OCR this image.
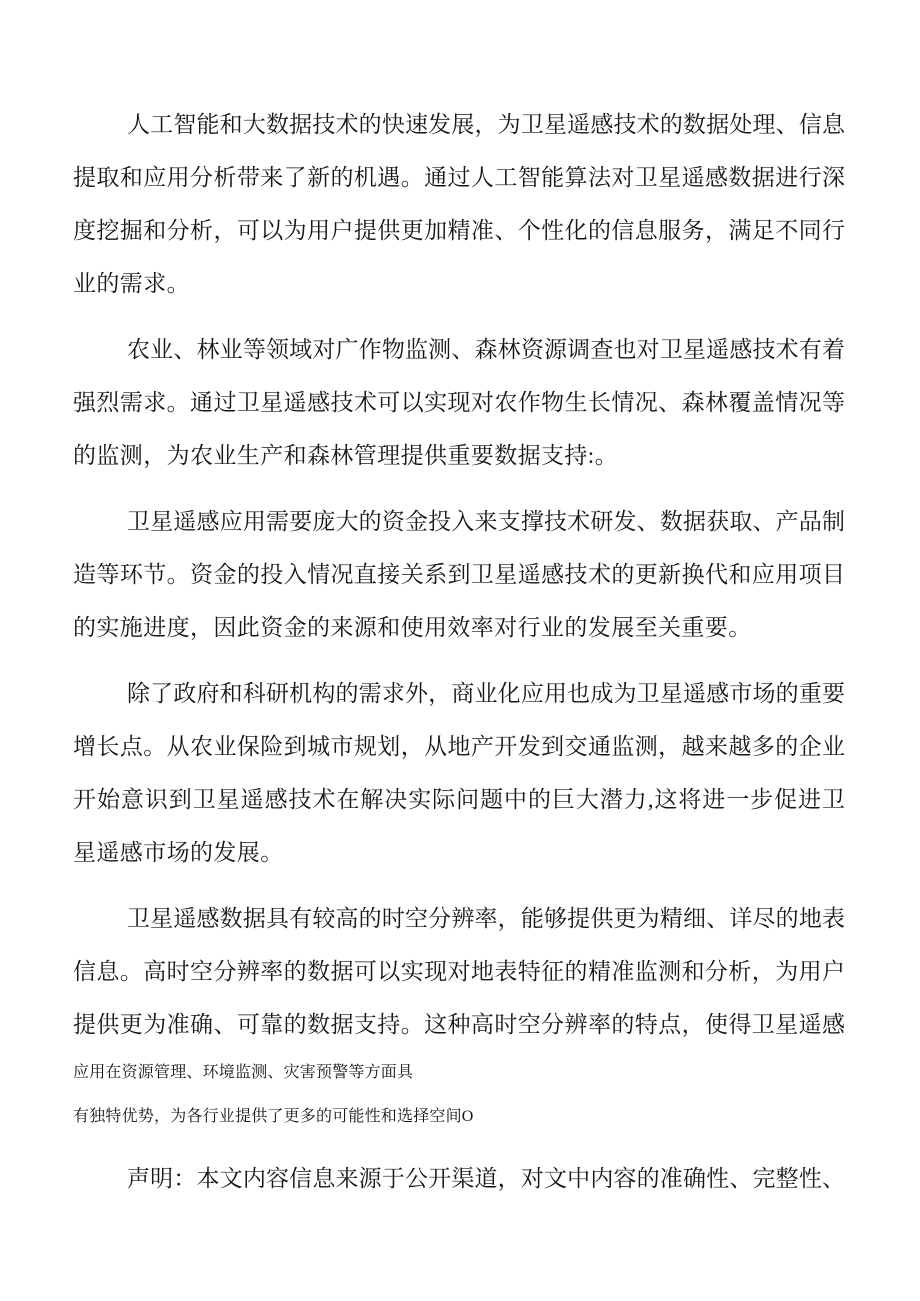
人工智能和大数据技术的快速发展，为卫星遥感技术的数据处理、信息
提取和应用分析带来了新的机遇。通过人工智能算法对卫星遥感数据进行深
度挖掘和分析，可以为用户提供更加精准、个性化的信息服务，满足不同行
业的需求。
农业、林业等领域对广作物监测、森林资源调查也对卫星遥感技术有着
强烈需求。通过卫星遥感技术可以实现对农作物生长情况、森林覆盖情况等
的监测，为农业生产和森林管理提供重要数据支持:。
卫星遥感应用需要庞大的资金投入来支撑技术研发、数据获取、产品制
造等环节。资金的投入情况直接关系到卫星遥感技术的更新换代和应用项目
的实施进度，因此资金的来源和使用效率对行业的发展至关重要。
除了政府和科研机构的需求外，商业化应用也成为卫星遥感市场的重要
增长点。从农业保险到城市规划，从地产开发到交通监测，越来越多的企业
开始意识到卫星遥感技术在解决实际问题中的巨大潜力,这将进一步促进卫
星遥感市场的发展。
卫星遥感数据具有较高的时空分辨率，能够提供更为精细、详尽的地表
信息。高时空分辨率的数据可以实现对地表特征的精准监测和分析，为用户
提供更为准确、可靠的数据支持。这种高时空分辨率的特点，使得卫星遥感
应用在资源管理、环境监测、灾害预警等方面具
有独特优势，为各行业提供了更多的可能性和选择空间O
声明：本文内容信息来源于公开渠道，对文中内容的准确性、完整性、
